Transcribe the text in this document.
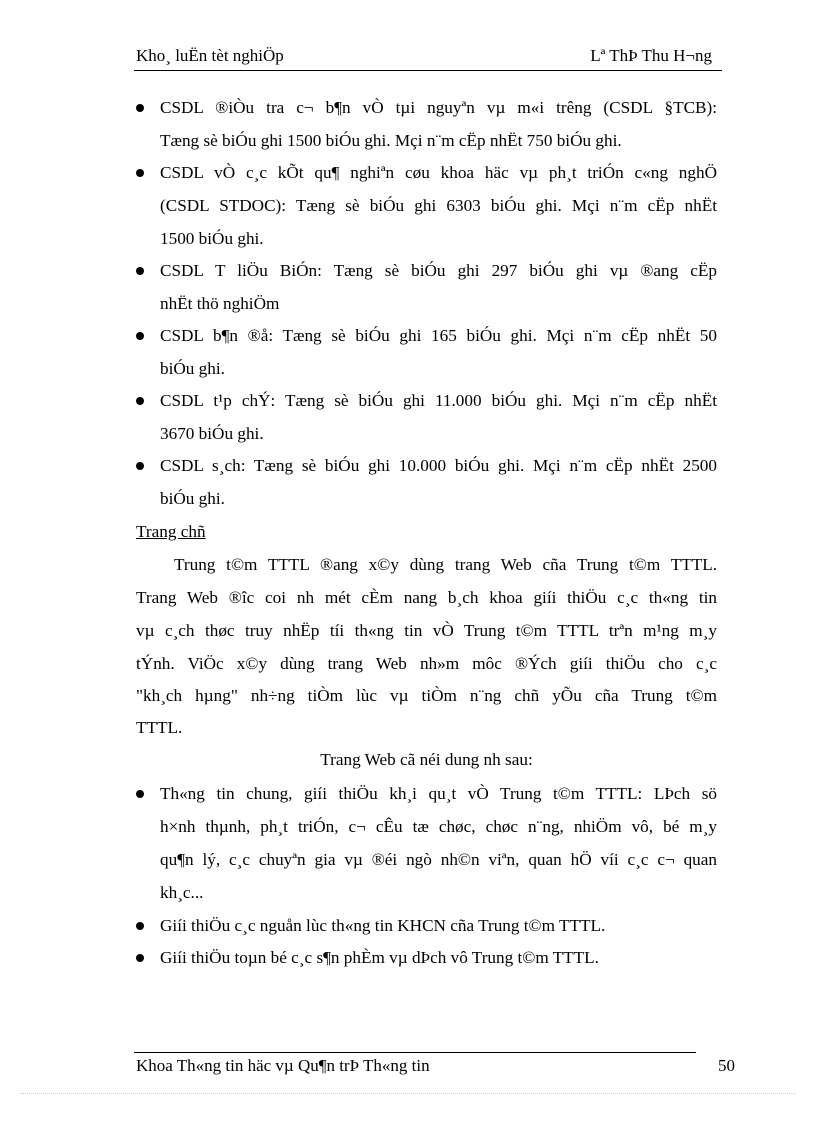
Kho¸ luËn tèt nghiÖp	Lª ThÞ Thu H¬ng
CSDL ®iÒu tra c¬ b¶n vÒ tµi nguyªn vµ m«i trêng (CSDL §TCB):
Tæng sè biÓu ghi 1500 biÓu ghi. Mçi n¨m cËp nhËt 750 biÓu ghi.
CSDL vÒ c¸c kÕt qu¶ nghiªn cøu khoa häc vµ ph¸t triÓn c«ng nghÖ
(CSDL STDOC): Tæng sè biÓu ghi 6303 biÓu ghi. Mçi n¨m cËp nhËt
1500 biÓu ghi.
CSDL T liÖu BiÓn: Tæng sè biÓu ghi 297 biÓu ghi vµ ®ang cËp
nhËt thö nghiÖm
CSDL b¶n ®å: Tæng sè biÓu ghi 165 biÓu ghi. Mçi n¨m cËp nhËt 50
biÓu ghi.
CSDL t¹p chÝ: Tæng sè biÓu ghi 11.000 biÓu ghi. Mçi n¨m cËp nhËt
3670 biÓu ghi.
CSDL s¸ch: Tæng sè biÓu ghi 10.000 biÓu ghi. Mçi n¨m cËp nhËt 2500
biÓu ghi.
Trang chñ
Trung t©m TTTL ®ang x©y dùng trang Web cña Trung t©m TTTL.
Trang Web ®îc coi nh mét cÈm nang b¸ch khoa giíi thiÖu c¸c th«ng tin
vµ c¸ch thøc truy nhËp tíi th«ng tin vÒ Trung t©m TTTL trªn m¹ng m¸y
tÝnh. ViÖc x©y dùng trang Web nh»m môc ®Ých giíi thiÖu cho c¸c
"kh¸ch hµng" nh÷ng tiÒm lùc vµ tiÒm n¨ng chñ yÕu cña Trung t©m
TTTL.
Trang Web cã néi dung nh sau:
Th«ng tin chung, giíi thiÖu kh¸i qu¸t vÒ Trung t©m TTTL: LÞch sö
h×nh thµnh, ph¸t triÓn, c¬ cÊu tæ chøc, chøc n¨ng, nhiÖm vô, bé m¸y
qu¶n lý, c¸c chuyªn gia vµ ®éi ngò nh©n viªn, quan hÖ víi c¸c c¬ quan
kh¸c...
Giíi thiÖu c¸c nguån lùc th«ng tin KHCN cña Trung t©m TTTL.
Giíi thiÖu toµn bé c¸c s¶n phÈm vµ dÞch vô Trung t©m TTTL.
Khoa Th«ng tin häc vµ Qu¶n trÞ Th«ng tin	50
